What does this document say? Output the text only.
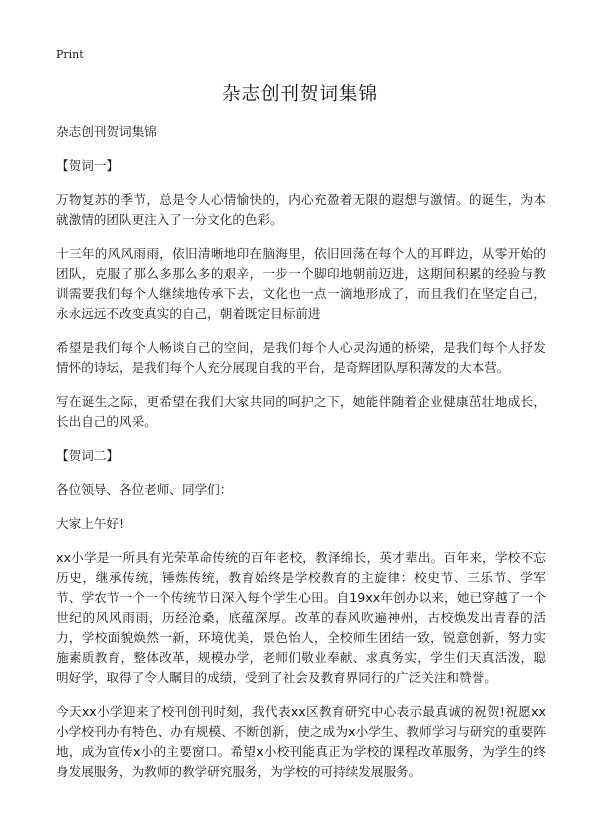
Print
杂志创刊贺词集锦

杂志创刊贺词集锦

【贺词一】

万物复苏的季节，总是令人心情愉快的，内心充盈着无限的遐想与激情。的诞生，为本就激情的团队更注入了一分文化的色彩。

十三年的风风雨雨，依旧清晰地印在脑海里，依旧回荡在每个人的耳畔边，从零开始的团队，克服了那么多那么多的艰辛，一步一个脚印地朝前迈进，这期间积累的经验与教训需要我们每个人继续地传承下去，文化也一点一滴地形成了，而且我们在坚定自己，永永远远不改变真实的自己，朝着既定目标前进

希望是我们每个人畅谈自己的空间，是我们每个人心灵沟通的桥梁，是我们每个人抒发情怀的诗坛，是我们每个人充分展现自我的平台，是奇辉团队厚积薄发的大本营。

写在诞生之际，更希望在我们大家共同的呵护之下，她能伴随着企业健康茁壮地成长，长出自己的风采。

【贺词二】

各位领导、各位老师、同学们：

大家上午好!

xx小学是一所具有光荣革命传统的百年老校，教泽绵长，英才辈出。百年来，学校不忘历史，继承传统，锤炼传统，教育始终是学校教育的主旋律：校史节、三乐节、学军节、学农节一个一个传统节日深入每个学生心田。自19xx年创办以来，她已穿越了一个世纪的风风雨雨，历经沧桑，底蕴深厚。改革的春风吹遍神州，古校焕发出青春的活力，学校面貌焕然一新，环境优美，景色怡人，全校师生团结一致，锐意创新，努力实施素质教育，整体改革，规模办学，老师们敬业奉献、求真务实，学生们天真活泼，聪明好学，取得了令人瞩目的成绩，受到了社会及教育界同行的广泛关注和赞誉。

今天xx小学迎来了校刊创刊时刻，我代表xx区教育研究中心表示最真诚的祝贺!祝愿xx小学校刊办有特色、办有规模、不断创新，使之成为x小学生、教师学习与研究的重要阵地，成为宣传x小的主要窗口。希望x小校刊能真正为学校的课程改革服务，为学生的终身发展服务，为教师的教学研究服务，为学校的可持续发展服务。
